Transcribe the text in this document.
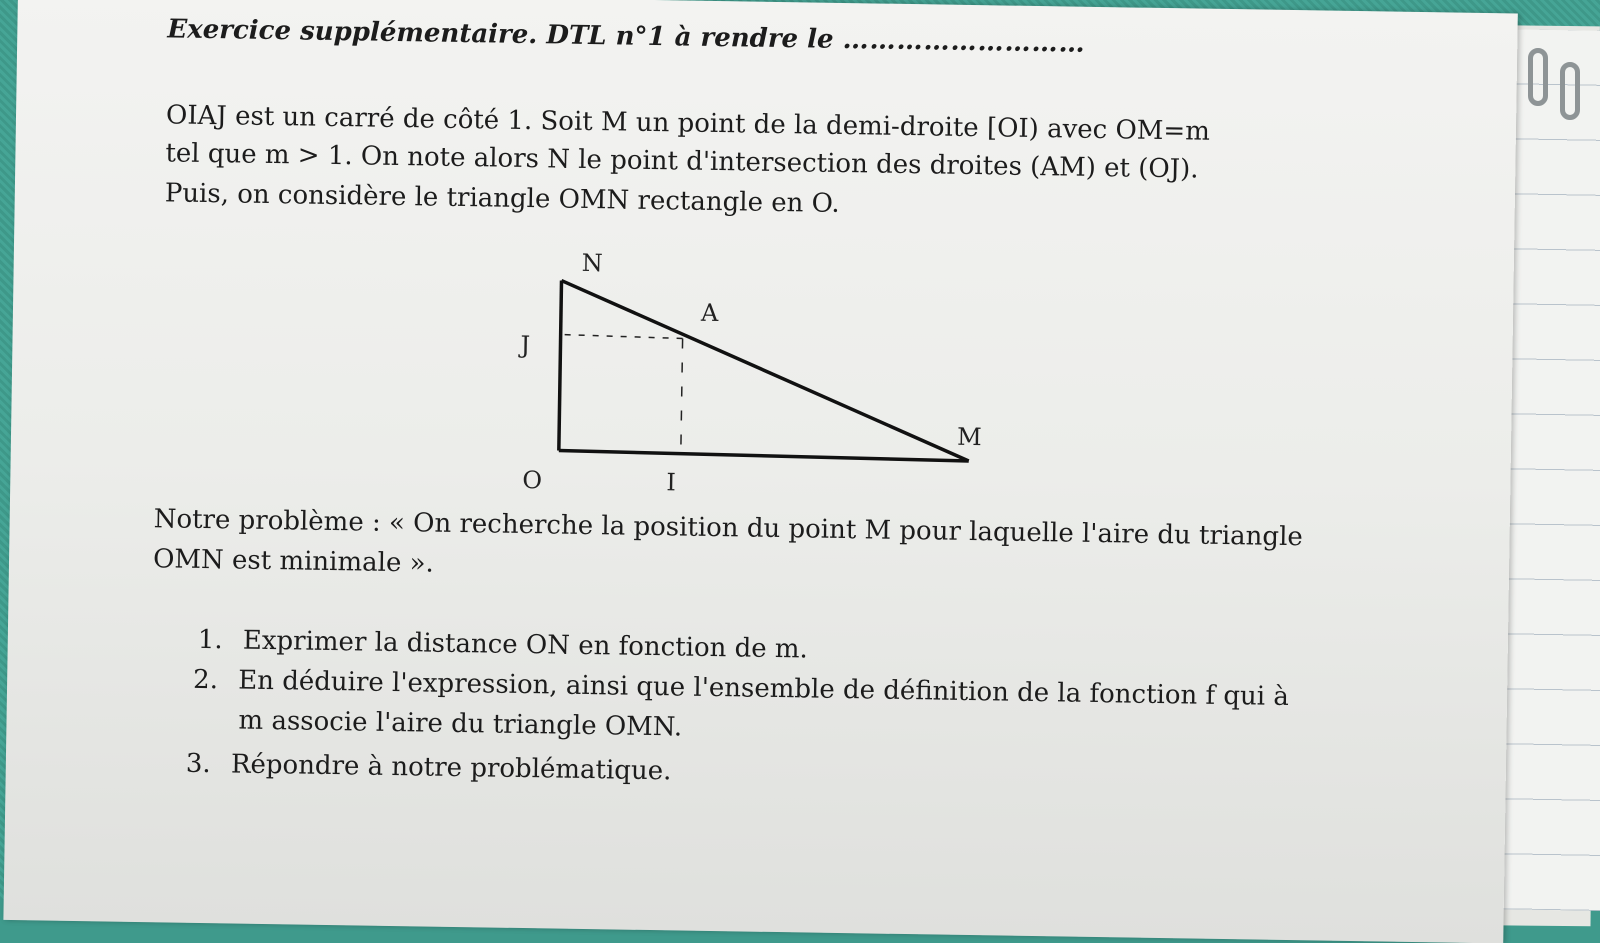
Exercice supplémentaire. DTL n°1 à rendre le ………………………
OIAJ est un carré de côté 1. Soit M un point de la demi-droite [OI) avec OM=m
tel que m > 1. On note alors N le point d'intersection des droites (AM) et (OJ).
Puis, on considère le triangle OMN rectangle en O.
N
A
J
M
O	I
Notre problème : « On recherche la position du point M pour laquelle l'aire du triangle
OMN est minimale ».
1. Exprimer la distance ON en fonction de m.
2. En déduire l'expression, ainsi que l'ensemble de définition de la fonction f qui à
m associe l'aire du triangle OMN.
3. Répondre à notre problématique.
